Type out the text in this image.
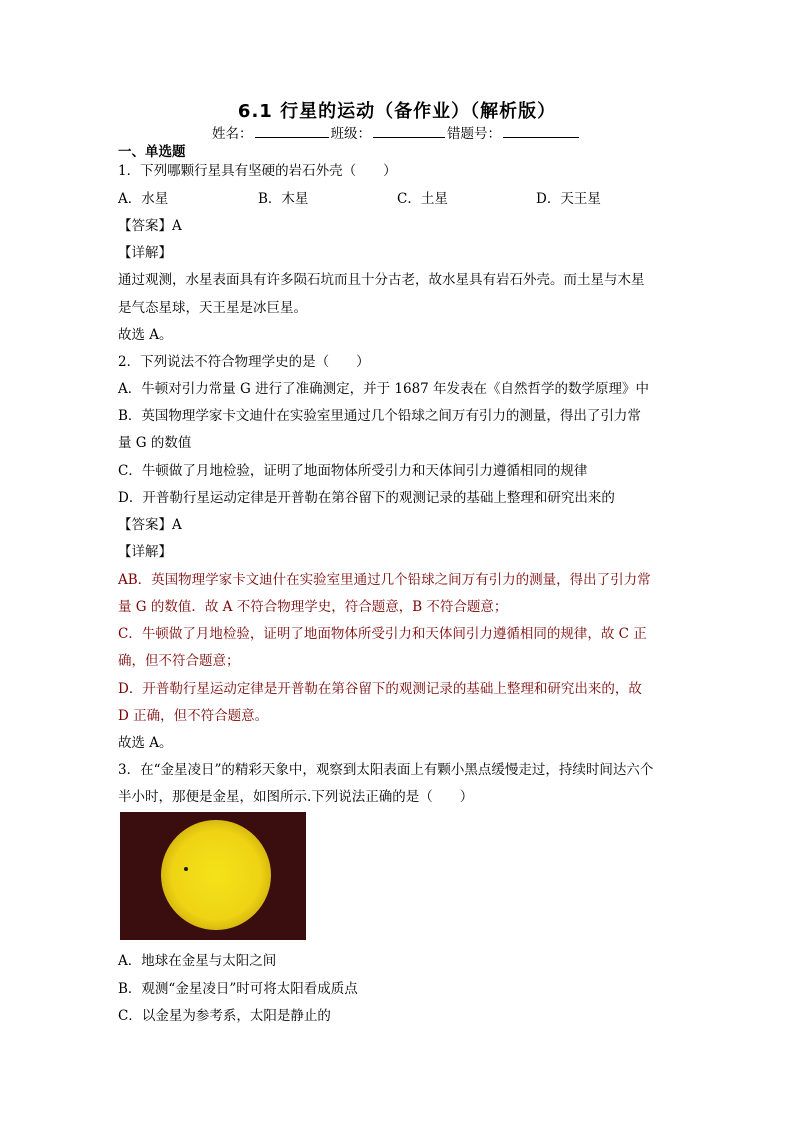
6.1 行星的运动（备作业）（解析版）
姓名：	班级：	错题号：
一、单选题
1．下列哪颗行星具有坚硬的岩石外壳（　　）
A．水星	B．木星	C．土星	D．天王星
【答案】A
【详解】
通过观测，水星表面具有许多陨石坑而且十分古老，故水星具有岩石外壳。而土星与木星
是气态星球，天王星是冰巨星。
故选 A。
2．下列说法不符合物理学史的是（　　）
A．牛顿对引力常量 G 进行了准确测定，并于 1687 年发表在《自然哲学的数学原理》中
B．英国物理学家卡文迪什在实验室里通过几个铅球之间万有引力的测量，得出了引力常
量 G 的数值
C．牛顿做了月地检验，证明了地面物体所受引力和天体间引力遵循相同的规律
D．开普勒行星运动定律是开普勒在第谷留下的观测记录的基础上整理和研究出来的
【答案】A
【详解】
AB．英国物理学家卡文迪什在实验室里通过几个铅球之间万有引力的测量，得出了引力常
量 G 的数值．故 A 不符合物理学史，符合题意，B 不符合题意；
C．牛顿做了月地检验，证明了地面物体所受引力和天体间引力遵循相同的规律，故 C 正
确，但不符合题意；
D．开普勒行星运动定律是开普勒在第谷留下的观测记录的基础上整理和研究出来的，故
D 正确，但不符合题意。
故选 A。
3．在“金星凌日”的精彩天象中，观察到太阳表面上有颗小黑点缓慢走过，持续时间达六个
半小时，那便是金星，如图所示.下列说法正确的是（　　）
A．地球在金星与太阳之间
B．观测“金星凌日”时可将太阳看成质点
C．以金星为参考系，太阳是静止的
